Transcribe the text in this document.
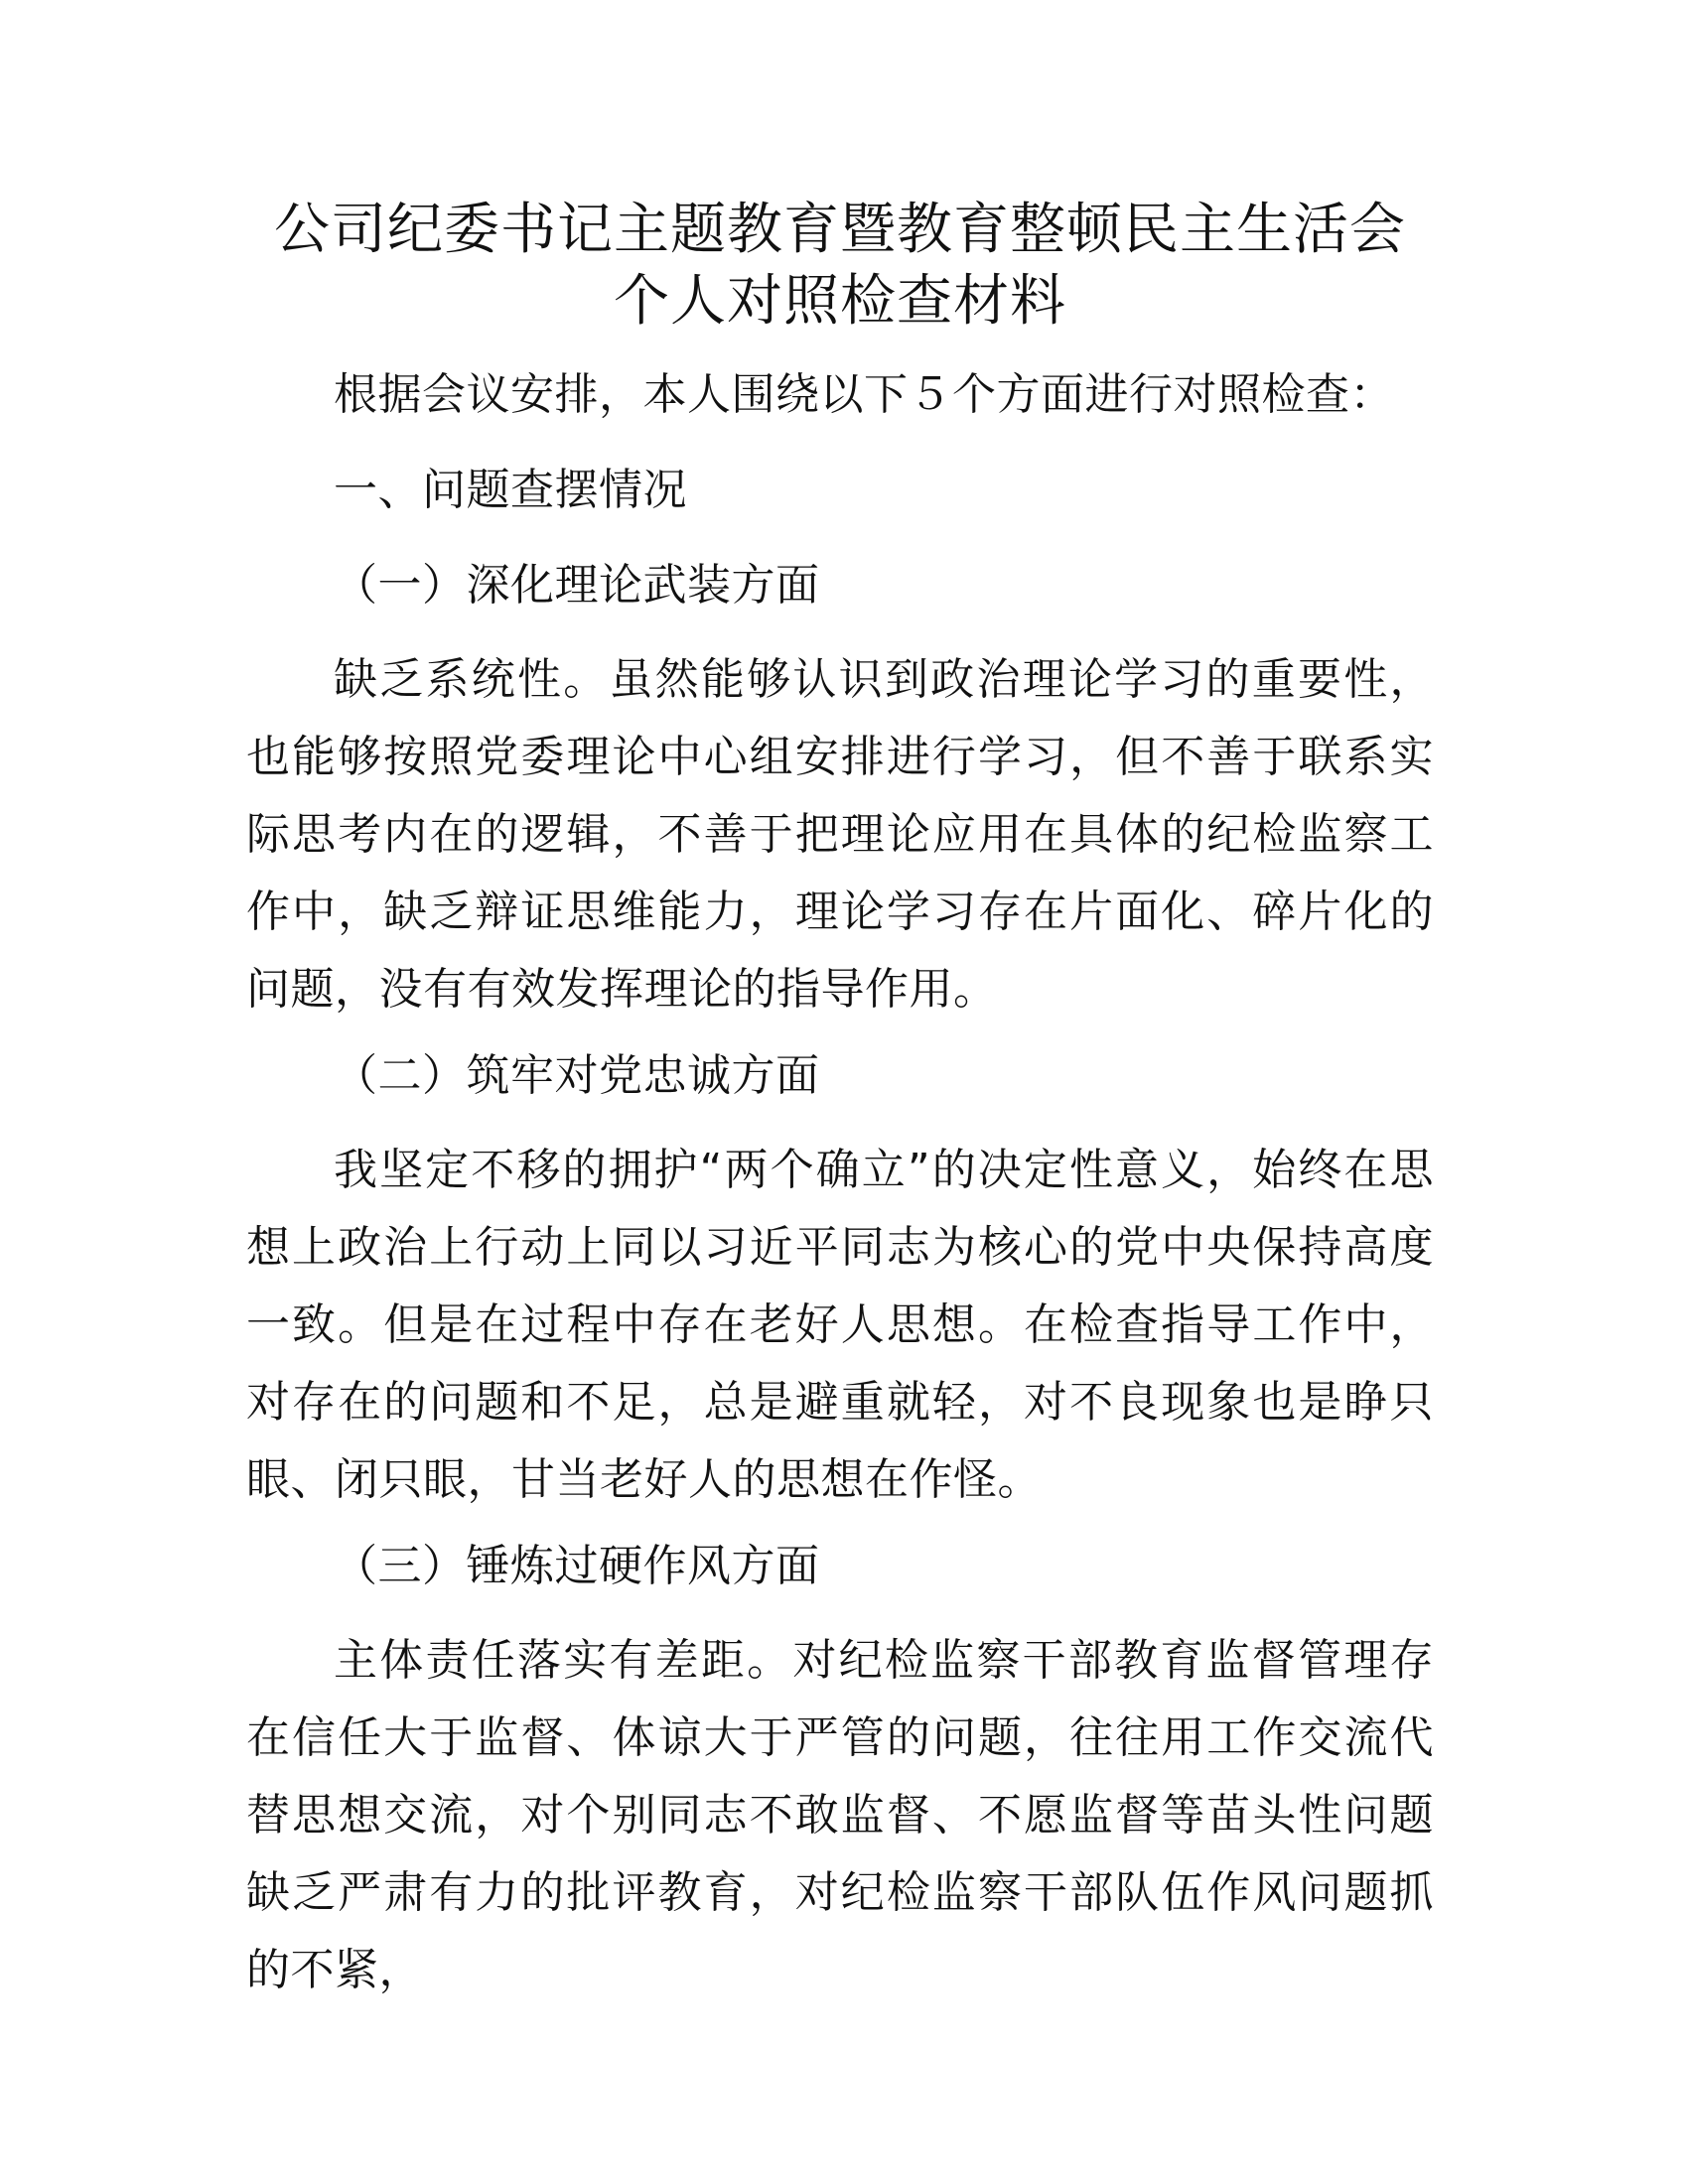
公司纪委书记主题教育暨教育整顿民主生活会
个人对照检查材料

根据会议安排，本人围绕以下５个方面进行对照检查：

一、问题查摆情况

（一）深化理论武装方面

缺乏系统性。虽然能够认识到政治理论学习的重要性，也能够按照党委理论中心组安排进行学习，但不善于联系实际思考内在的逻辑，不善于把理论应用在具体的纪检监察工作中，缺乏辩证思维能力，理论学习存在片面化、碎片化的问题，没有有效发挥理论的指导作用。

（二）筑牢对党忠诚方面

我坚定不移的拥护“两个确立”的决定性意义，始终在思想上政治上行动上同以习近平同志为核心的党中央保持高度一致。但是在过程中存在老好人思想。在检查指导工作中，对存在的问题和不足，总是避重就轻，对不良现象也是睁只眼、闭只眼，甘当老好人的思想在作怪。

（三）锤炼过硬作风方面

主体责任落实有差距。对纪检监察干部教育监督管理存在信任大于监督、体谅大于严管的问题，往往用工作交流代替思想交流，对个别同志不敢监督、不愿监督等苗头性问题缺乏严肃有力的批评教育，对纪检监察干部队伍作风问题抓的不紧，
